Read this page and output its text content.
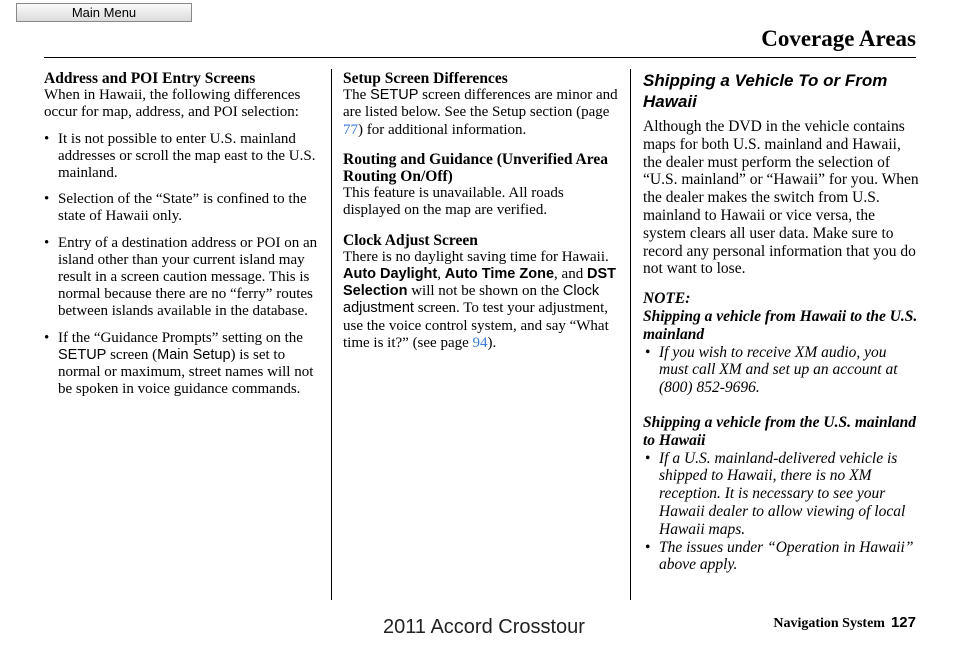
Main Menu
Coverage Areas
Address and POI Entry Screens

When in Hawaii, the following differences occur for map, address, and POI selection:

• It is not possible to enter U.S. mainland addresses or scroll the map east to the U.S. mainland.
• Selection of the “State” is confined to the state of Hawaii only.
• Entry of a destination address or POI on an island other than your current island may result in a screen caution message. This is normal because there are no “ferry” routes between islands available in the database.
• If the “Guidance Prompts” setting on the SETUP screen (Main Setup) is set to normal or maximum, street names will not be spoken in voice guidance commands.
Setup Screen Differences

The SETUP screen differences are minor and are listed below. See the Setup section (page 77) for additional information.

Routing and Guidance (Unverified Area Routing On/Off)

This feature is unavailable. All roads displayed on the map are verified.

Clock Adjust Screen

There is no daylight saving time for Hawaii. Auto Daylight, Auto Time Zone, and DST Selection will not be shown on the Clock adjustment screen. To test your adjustment, use the voice control system, and say “What time is it?” (see page 94).

Shipping a Vehicle To or From Hawaii

Although the DVD in the vehicle contains maps for both U.S. mainland and Hawaii, the dealer must perform the selection of “U.S. mainland” or “Hawaii” for you. When the dealer makes the switch from U.S. mainland to Hawaii or vice versa, the system clears all user data. Make sure to record any personal information that you do not want to lose.

NOTE:

Shipping a vehicle from Hawaii to the U.S. mainland

• If you wish to receive XM audio, you must call XM and set up an account at (800) 852-9696.

Shipping a vehicle from the U.S. mainland to Hawaii

• If a U.S. mainland-delivered vehicle is shipped to Hawaii, there is no XM reception. It is necessary to see your Hawaii dealer to allow viewing of local Hawaii maps.
• The issues under “Operation in Hawaii” above apply.
Navigation System 127
2011 Accord Crosstour
